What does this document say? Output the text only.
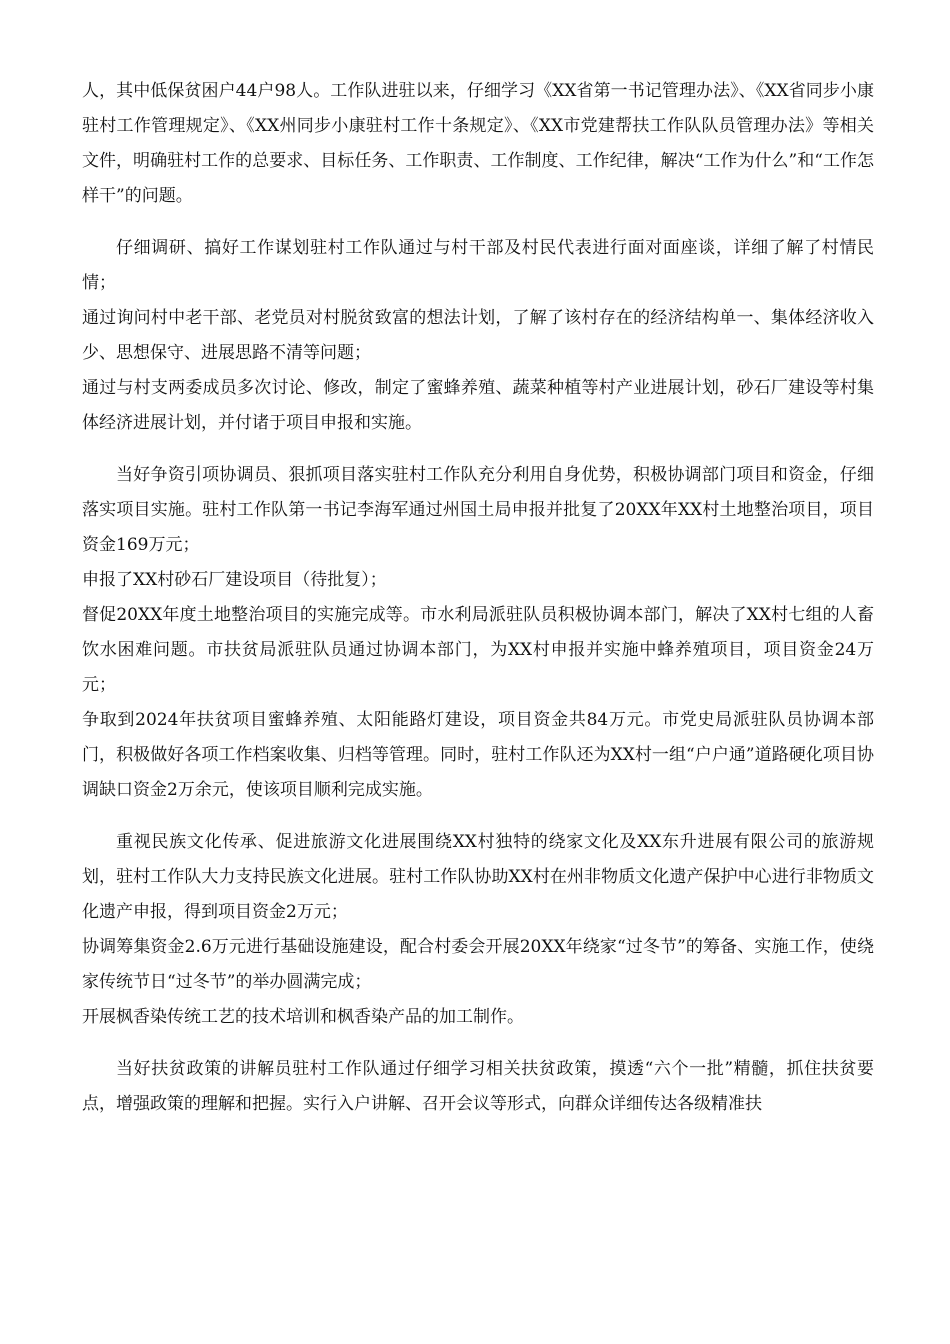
人，其中低保贫困户44户98人。工作队进驻以来，仔细学习《XX省第一书记管理办法》、《XX省同步小康驻村工作管理规定》、《XX州同步小康驻村工作十条规定》、《XX市党建帮扶工作队队员管理办法》等相关文件，明确驻村工作的总要求、目标任务、工作职责、工作制度、工作纪律，解决“工作为什么”和“工作怎样干”的问题。

仔细调研、搞好工作谋划驻村工作队通过与村干部及村民代表进行面对面座谈，详细了解了村情民情；

通过询问村中老干部、老党员对村脱贫致富的想法计划，了解了该村存在的经济结构单一、集体经济收入少、思想保守、进展思路不清等问题；

通过与村支两委成员多次讨论、修改，制定了蜜蜂养殖、蔬菜种植等村产业进展计划，砂石厂建设等村集体经济进展计划，并付诸于项目申报和实施。

当好争资引项协调员、狠抓项目落实驻村工作队充分利用自身优势，积极协调部门项目和资金，仔细落实项目实施。驻村工作队第一书记李海军通过州国土局申报并批复了20XX年XX村土地整治项目，项目资金169万元；

申报了XX村砂石厂建设项目（待批复）；

督促20XX年度土地整治项目的实施完成等。市水利局派驻队员积极协调本部门，解决了XX村七组的人畜饮水困难问题。市扶贫局派驻队员通过协调本部门，为XX村申报并实施中蜂养殖项目，项目资金24万元；

争取到2024年扶贫项目蜜蜂养殖、太阳能路灯建设，项目资金共84万元。市党史局派驻队员协调本部门，积极做好各项工作档案收集、归档等管理。同时，驻村工作队还为XX村一组“户户通”道路硬化项目协调缺口资金2万余元，使该项目顺利完成实施。

重视民族文化传承、促进旅游文化进展围绕XX村独特的绕家文化及XX东升进展有限公司的旅游规划，驻村工作队大力支持民族文化进展。驻村工作队协助XX村在州非物质文化遗产保护中心进行非物质文化遗产申报，得到项目资金2万元；

协调筹集资金2.6万元进行基础设施建设，配合村委会开展20XX年绕家“过冬节”的筹备、实施工作，使绕家传统节日“过冬节”的举办圆满完成；

开展枫香染传统工艺的技术培训和枫香染产品的加工制作。

当好扶贫政策的讲解员驻村工作队通过仔细学习相关扶贫政策，摸透“六个一批”精髓，抓住扶贫要点，增强政策的理解和把握。实行入户讲解、召开会议等形式，向群众详细传达各级精准扶
